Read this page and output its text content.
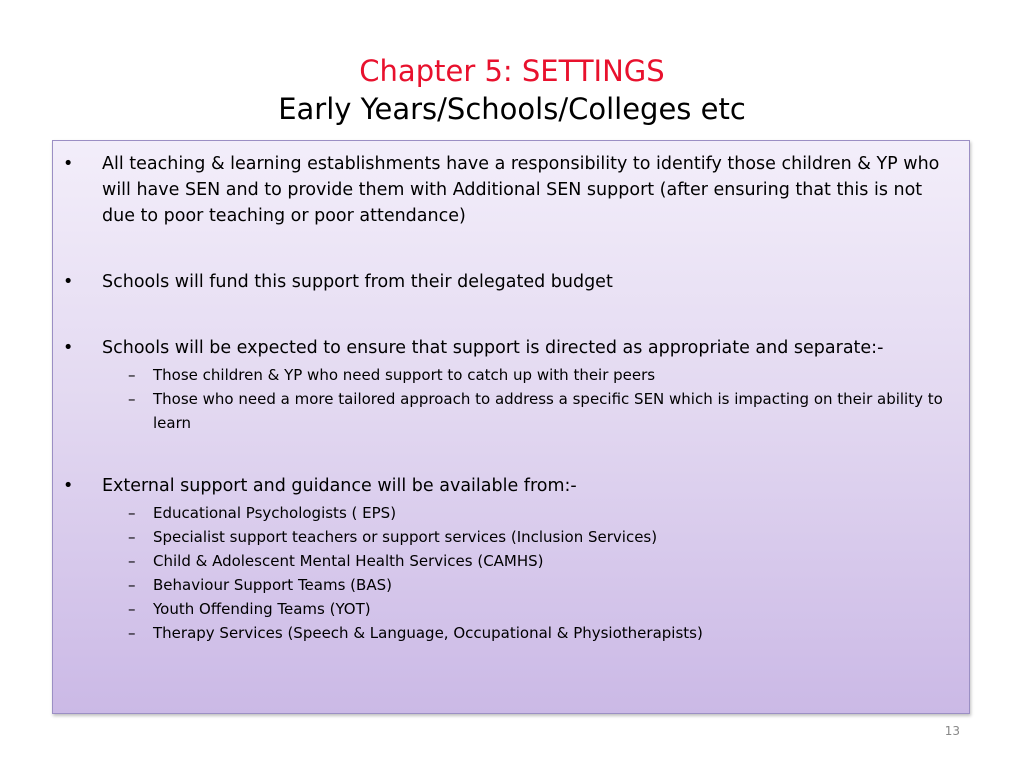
Chapter 5: SETTINGS
Early Years/Schools/Colleges etc
•	All teaching & learning establishments have a responsibility to identify those children & YP who will have SEN and to provide them with Additional SEN support (after ensuring that this is not due to poor teaching or poor attendance)
•	Schools will fund this support from their delegated budget
•	Schools will be expected to ensure that support is directed as appropriate and separate:-
– Those children & YP who need support to catch up with their peers
– Those who need a more tailored approach to address a specific SEN which is impacting on their ability to learn
•	External support and guidance will be available from:-
– Educational Psychologists ( EPS)
– Specialist support teachers or support services (Inclusion Services)
– Child & Adolescent Mental Health Services (CAMHS)
– Behaviour Support Teams (BAS)
– Youth Offending Teams (YOT)
– Therapy Services (Speech & Language, Occupational & Physiotherapists)
13
